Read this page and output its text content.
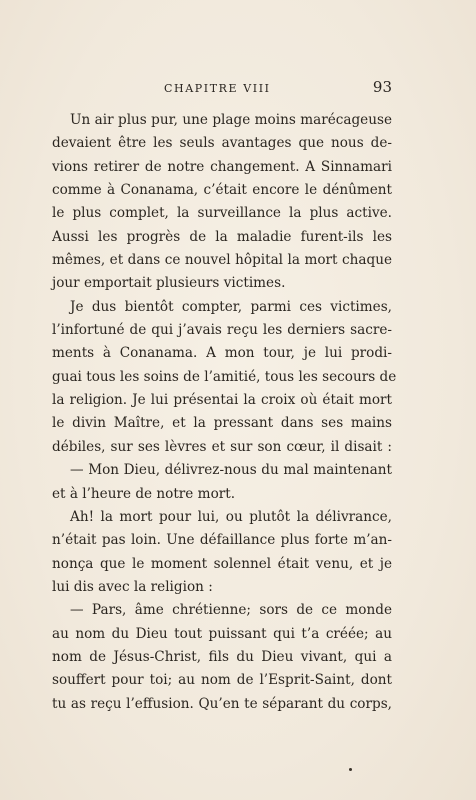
CHAPITRE VIII	93
Un air plus pur, une plage moins marécageuse
devaient être les seuls avantages que nous de-
vions retirer de notre changement. A Sinnamari
comme à Conanama, c’était encore le dénûment
le plus complet, la surveillance la plus active.
Aussi les progrès de la maladie furent-ils les
mêmes, et dans ce nouvel hôpital la mort chaque
jour emportait plusieurs victimes.
Je dus bientôt compter, parmi ces victimes,
l’infortuné de qui j’avais reçu les derniers sacre-
ments à Conanama. A mon tour, je lui prodi-
guai tous les soins de l’amitié, tous les secours de
la religion. Je lui présentai la croix où était mort
le divin Maître, et la pressant dans ses mains
débiles, sur ses lèvres et sur son cœur, il disait :
— Mon Dieu, délivrez-nous du mal maintenant
et à l’heure de notre mort.
Ah! la mort pour lui, ou plutôt la délivrance,
n’était pas loin. Une défaillance plus forte m’an-
nonça que le moment solennel était venu, et je
lui dis avec la religion :
— Pars, âme chrétienne; sors de ce monde
au nom du Dieu tout puissant qui t’a créée; au
nom de Jésus-Christ, fils du Dieu vivant, qui a
souffert pour toi; au nom de l’Esprit-Saint, dont
tu as reçu l’effusion. Qu’en te séparant du corps,
